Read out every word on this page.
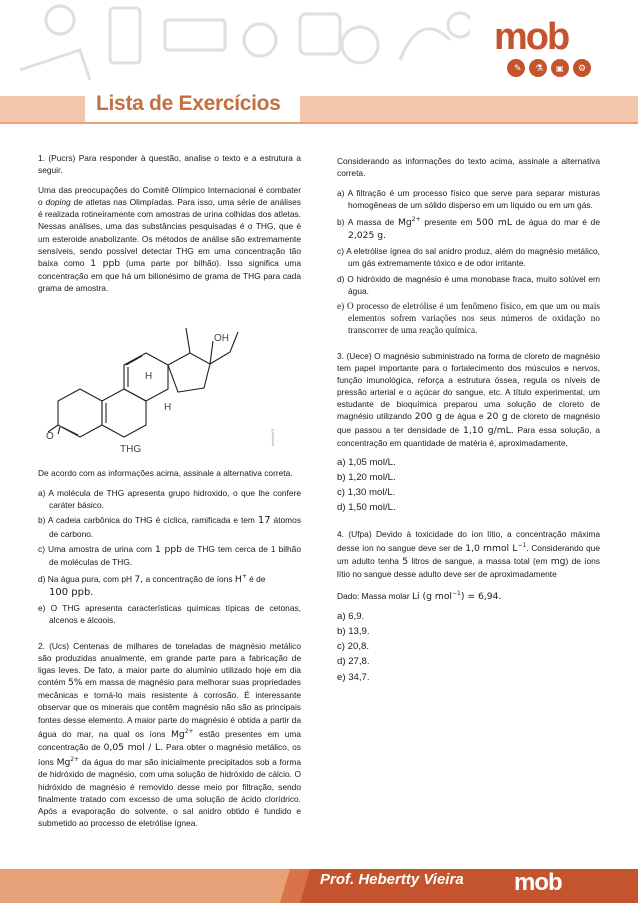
✎ ⚗ ▣ ⚙
mob
Lista de Exercícios

1. (Pucrs) Para responder à questão, analise o texto e a estrutura a seguir.

Uma das preocupações do Comitê Olímpico Internacional é combater o doping de atletas nas Olimpíadas. Para isso, uma série de análises é realizada rotineiramente com amostras de urina colhidas dos atletas. Nessas análises, uma das substâncias pesquisadas é o THG, que é um esteroide anabolizante. Os métodos de análise são extremamente sensíveis, sendo possível detectar THG em uma concentração tão baixa como 1 ppb (uma parte por bilhão). Isso significa uma concentração em que há um bilionésimo de grama de THG para cada grama de amostra.

O
OH
H
H
THG
Interbits®

De acordo com as informações acima, assinale a alternativa correta.

a) A molécula de THG apresenta grupo hidroxido, o que lhe confere caráter básico.
b) A cadeia carbônica do THG é cíclica, ramificada e tem 17 átomos de carbono.
c) Uma amostra de urina com 1 ppb de THG tem cerca de 1 bilhão de moléculas de THG.
d) Na água pura, com pH 7, a concentração de íons H+ é de
100 ppb.
e) O THG apresenta características químicas típicas de cetonas, alcenos e álcoois.

2. (Ucs) Centenas de milhares de toneladas de magnésio metálico são produzidas anualmente, em grande parte para a fabricação de ligas leves. De fato, a maior parte do alumínio utilizado hoje em dia contém 5% em massa de magnésio para melhorar suas propriedades mecânicas e torná-lo mais resistente à corrosão. É interessante observar que os minerais que contêm magnésio não são as principais fontes desse elemento. A maior parte do magnésio é obtida a partir da água do mar, na qual os íons $Mg^{2+}$ estão presentes em uma concentração de 0,05 mol / L. Para obter o magnésio metálico, os íons $Mg^{2+}$ da água do mar são inicialmente precipitados sob a forma de hidróxido de magnésio, com uma solução de hidróxido de cálcio. O hidróxido de magnésio é removido desse meio por filtração, sendo finalmente tratado com excesso de uma solução de ácido clorídrico. Após a evaporação do solvente, o sal anidro obtido é fundido e submetido ao processo de eletrólise ígnea.

Considerando as informações do texto acima, assinale a alternativa correta.

a) A filtração é um processo físico que serve para separar misturas homogêneas de um sólido disperso em um líquido ou em um gás.
b) A massa de $Mg^{2+}$ presente em 500 mL de água do mar é de 2,025 g.
c) A eletrólise ígnea do sal anidro produz, além do magnésio metálico, um gás extremamente tóxico e de odor irritante.
d) O hidróxido de magnésio é uma monobase fraca, muito solúvel em água.
e) O processo de eletrólise é um fenômeno físico, em que um ou mais elementos sofrem variações nos seus números de oxidação no transcorrer de uma reação química.

3. (Uece) O magnésio subministrado na forma de cloreto de magnésio tem papel importante para o fortalecimento dos músculos e nervos, função imunológica, reforça a estrutura óssea, regula os níveis de pressão arterial e o açúcar do sangue, etc. A título experimental, um estudante de bioquímica preparou uma solução de cloreto de magnésio utilizando 200 g de água e 20 g de cloreto de magnésio que passou a ter densidade de 1,10 g/mL. Para essa solução, a concentração em quantidade de matéria é, aproximadamente,

a) 1,05 mol/L.
b) 1,20 mol/L.
c) 1,30 mol/L.
d) 1,50 mol/L.

4. (Ufpa) Devido à toxicidade do íon lítio, a concentração máxima desse íon no sangue deve ser de 1,0 mmol $L^{-1}$. Considerando que um adulto tenha 5 litros de sangue, a massa total (em mg) de íons lítio no sangue desse adulto deve ser de aproximadamente

Dado: Massa molar Li (g mol$^{-1}$) = 6,94.

a) 6,9.
b) 13,9.
c) 20,8.
d) 27,8.
e) 34,7.
Prof. Hebertty Vieira mob
